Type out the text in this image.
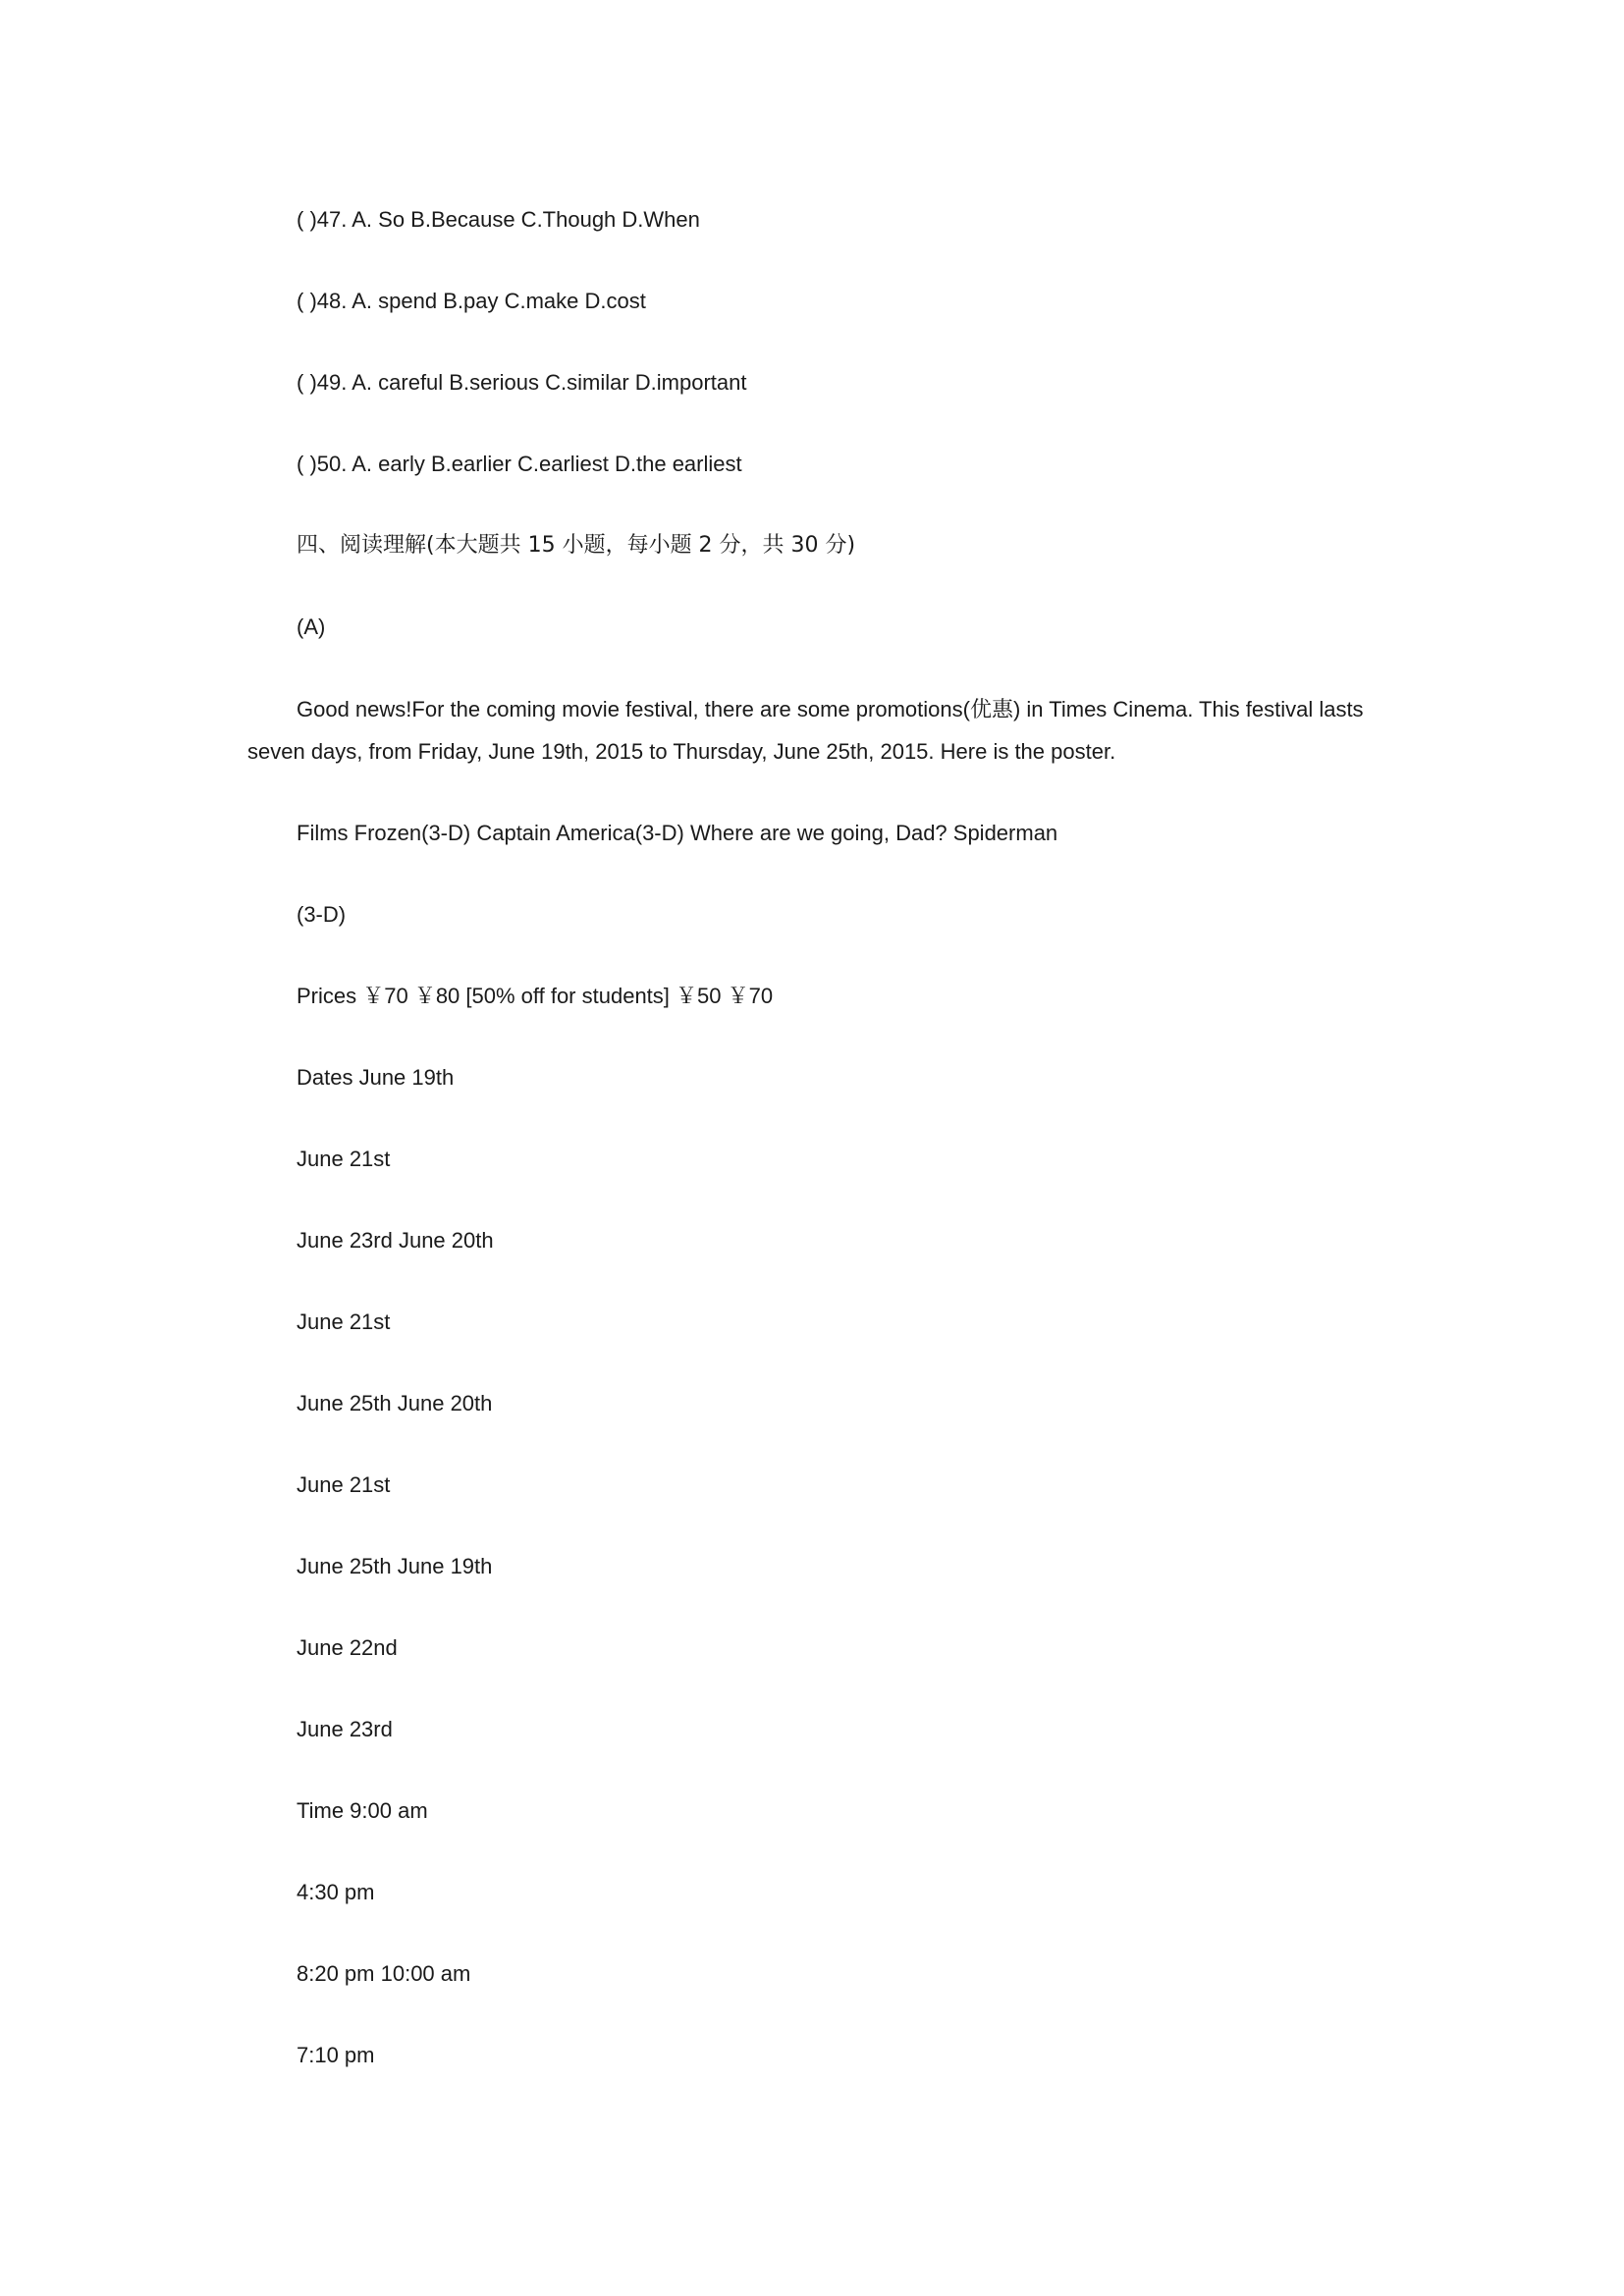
( )47. A. So B.Because C.Though D.When
( )48. A. spend B.pay C.make D.cost
( )49. A. careful B.serious C.similar D.important
( )50. A. early B.earlier C.earliest D.the earliest
四、阅读理解(本大题共 15 小题，每小题 2 分，共 30 分)
(A)
Good news!For the coming movie festival, there are some promotions(优惠) in Times Cinema. This festival lasts seven days, from Friday, June 19th, 2015 to Thursday, June 25th, 2015. Here is the poster.
Films Frozen(3-D) Captain America(3-D) Where are we going, Dad? Spiderman
(3-D)
Prices ￥70 ￥80 [50% off for students] ￥50 ￥70
Dates June 19th
June 21st
June 23rd June 20th
June 21st
June 25th June 20th
June 21st
June 25th June 19th
June 22nd
June 23rd
Time 9:00 am
4:30 pm
8:20 pm 10:00 am
7:10 pm
